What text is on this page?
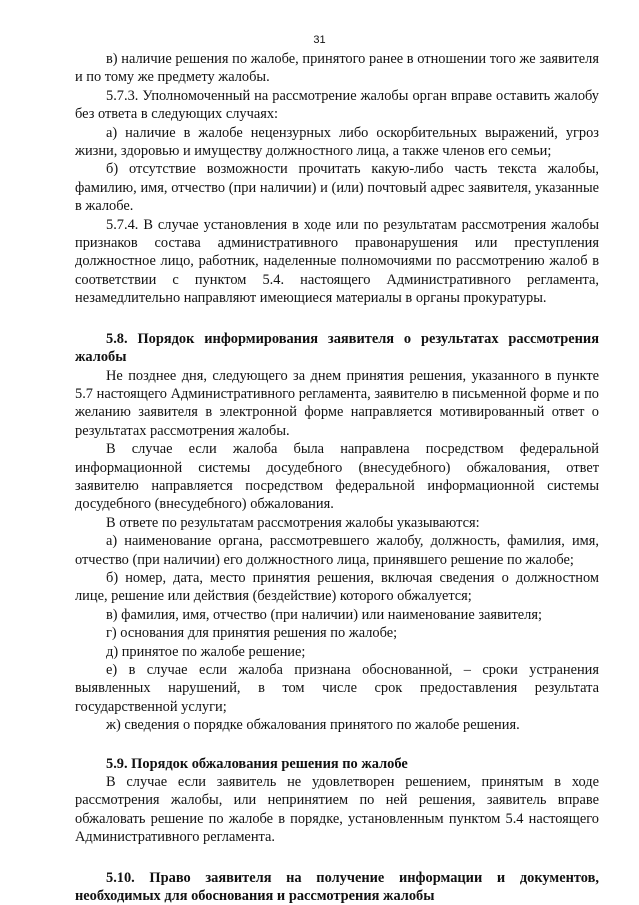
31

в) наличие решения по жалобе, принятого ранее в отношении того же заявителя и по тому же предмету жалобы.

5.7.3. Уполномоченный на рассмотрение жалобы орган вправе оставить жалобу без ответа в следующих случаях:

а) наличие в жалобе нецензурных либо оскорбительных выражений, угроз жизни, здоровью и имуществу должностного лица, а также членов его семьи;

б) отсутствие возможности прочитать какую-либо часть текста жалобы, фамилию, имя, отчество (при наличии) и (или) почтовый адрес заявителя, указанные в жалобе.

5.7.4. В случае установления в ходе или по результатам рассмотрения жалобы признаков состава административного правонарушения или преступления должностное лицо, работник, наделенные полномочиями по рассмотрению жалоб в соответствии с пунктом 5.4. настоящего Административного регламента, незамедлительно направляют имеющиеся материалы в органы прокуратуры.

5.8. Порядок информирования заявителя о результатах рассмотрения жалобы

Не позднее дня, следующего за днем принятия решения, указанного в пункте 5.7 настоящего Административного регламента, заявителю в письменной форме и по желанию заявителя в электронной форме направляется мотивированный ответ о результатах рассмотрения жалобы.

В случае если жалоба была направлена посредством федеральной информационной системы досудебного (внесудебного) обжалования, ответ заявителю направляется посредством федеральной информационной системы досудебного (внесудебного) обжалования.

В ответе по результатам рассмотрения жалобы указываются:

а) наименование органа, рассмотревшего жалобу, должность, фамилия, имя, отчество (при наличии) его должностного лица, принявшего решение по жалобе;

б) номер, дата, место принятия решения, включая сведения о должностном лице, решение или действия (бездействие) которого обжалуется;

в) фамилия, имя, отчество (при наличии) или наименование заявителя;

г) основания для принятия решения по жалобе;

д) принятое по жалобе решение;

е) в случае если жалоба признана обоснованной, – сроки устранения выявленных нарушений, в том числе срок предоставления результата государственной услуги;

ж) сведения о порядке обжалования принятого по жалобе решения.

5.9. Порядок обжалования решения по жалобе

В случае если заявитель не удовлетворен решением, принятым в ходе рассмотрения жалобы, или непринятием по ней решения, заявитель вправе обжаловать решение по жалобе в порядке, установленным пунктом 5.4 настоящего Административного регламента.

5.10. Право заявителя на получение информации и документов, необходимых для обоснования и рассмотрения жалобы
